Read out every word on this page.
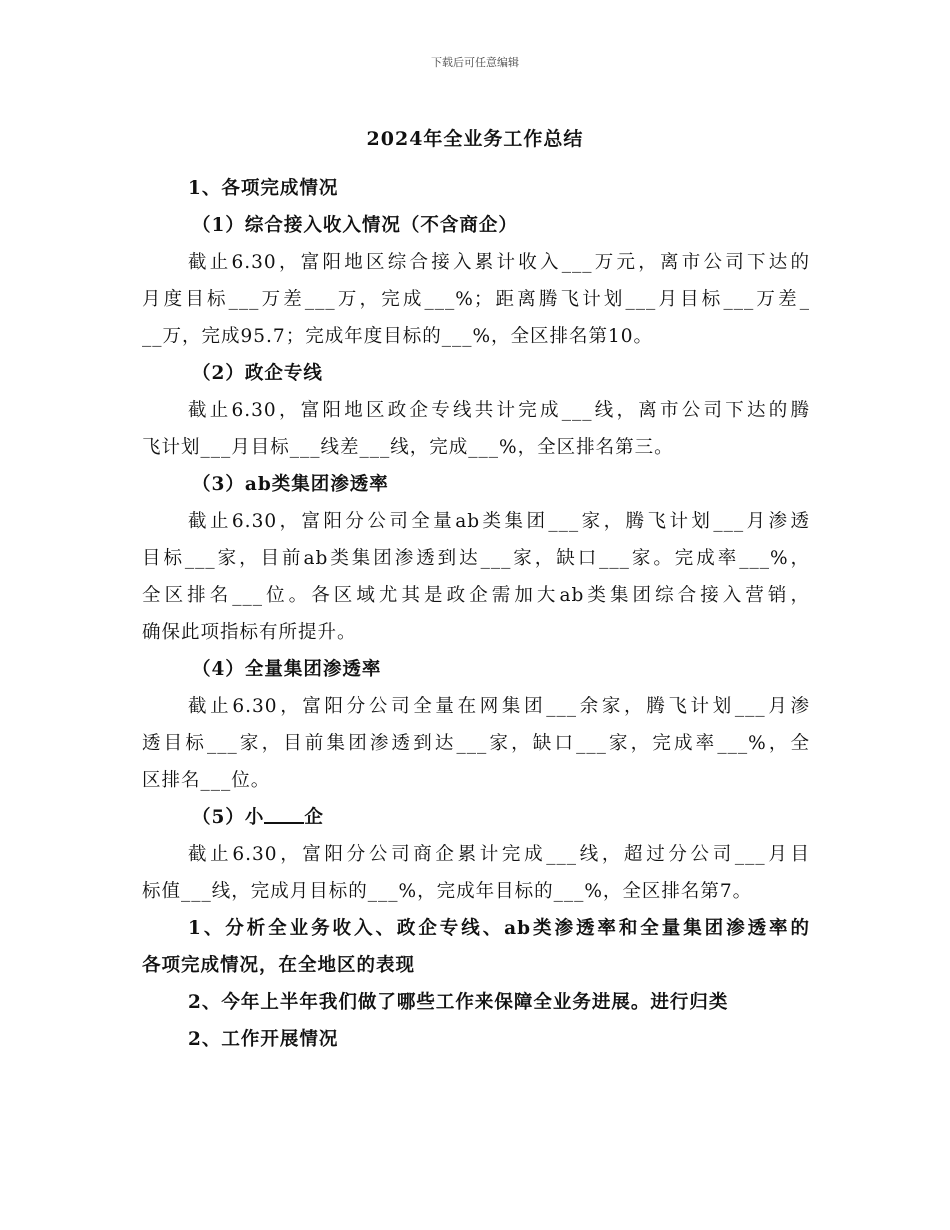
下载后可任意编辑
2024年全业务工作总结
1、各项完成情况
（1）综合接入收入情况（不含商企）
截止6.30，富阳地区综合接入累计收入___万元，离市公司下达的
月度目标___万差___万，完成___%；距离腾飞计划___月目标___万差_
__万，完成95.7；完成年度目标的___%，全区排名第10。
（2）政企专线
截止6.30，富阳地区政企专线共计完成___线，离市公司下达的腾
飞计划___月目标___线差___线，完成___%，全区排名第三。
（3）ab类集团渗透率
截止6.30，富阳分公司全量ab类集团___家，腾飞计划___月渗透
目标___家，目前ab类集团渗透到达___家，缺口___家。完成率___%，
全区排名___位。各区域尤其是政企需加大ab类集团综合接入营销，
确保此项指标有所提升。
（4）全量集团渗透率
截止6.30，富阳分公司全量在网集团___余家，腾飞计划___月渗
透目标___家，目前集团渗透到达___家，缺口___家，完成率___%，全
区排名___位。
（5）小 企
截止6.30，富阳分公司商企累计完成___线，超过分公司___月目
标值___线，完成月目标的___%，完成年目标的___%，全区排名第7。
1、分析全业务收入、政企专线、ab类渗透率和全量集团渗透率的
各项完成情况，在全地区的表现
2、今年上半年我们做了哪些工作来保障全业务进展。进行归类
2、工作开展情况
